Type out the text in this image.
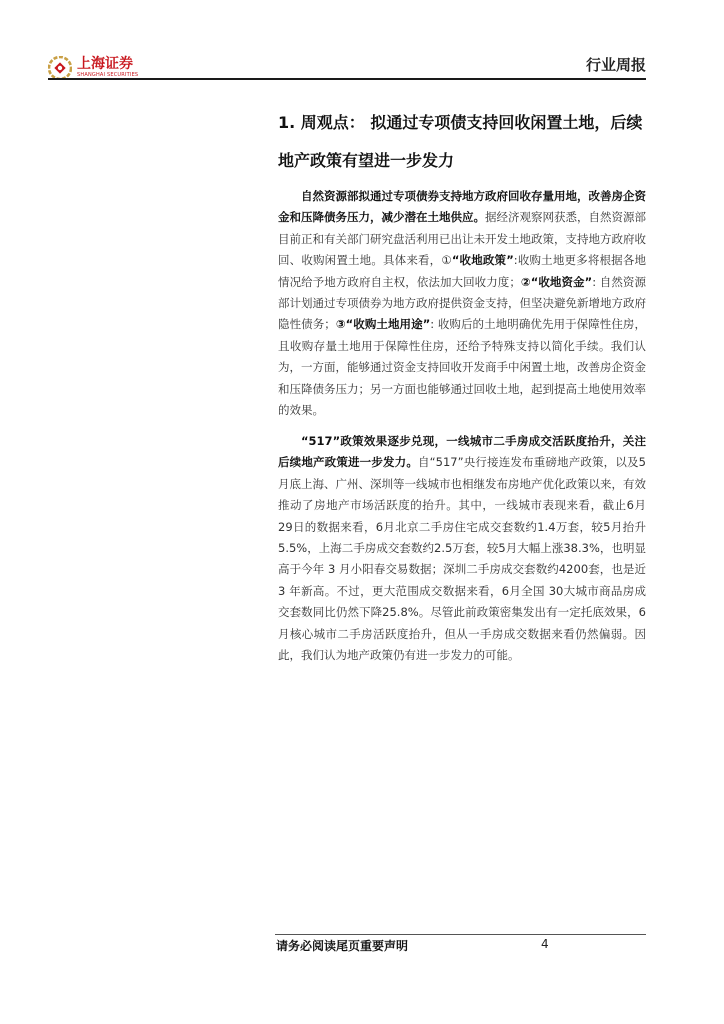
上海证券
SHANGHAI SECURITIES
行业周报
1. 周观点： 拟通过专项债支持回收闲置土地，后续地产政策有望进一步发力

自然资源部拟通过专项债券支持地方政府回收存量用地，改善房企资金和压降债务压力，减少潜在土地供应。据经济观察网获悉，自然资源部目前正和有关部门研究盘活利用已出让未开发土地政策，支持地方政府收回、收购闲置土地。具体来看，①“收地政策”:收购土地更多将根据各地情况给予地方政府自主权，依法加大回收力度；②“收地资金”: 自然资源部计划通过专项债券为地方政府提供资金支持，但坚决避免新增地方政府隐性债务；③“收购土地用途”: 收购后的土地明确优先用于保障性住房，且收购存量土地用于保障性住房，还给予特殊支持以简化手续。我们认为，一方面，能够通过资金支持回收开发商手中闲置土地，改善房企资金和压降债务压力；另一方面也能够通过回收土地，起到提高土地使用效率的效果。

“517”政策效果逐步兑现，一线城市二手房成交活跃度抬升，关注后续地产政策进一步发力。自“517”央行接连发布重磅地产政策，以及5月底上海、广州、深圳等一线城市也相继发布房地产优化政策以来，有效推动了房地产市场活跃度的抬升。其中，一线城市表现来看，截止6月 29日的数据来看，6月北京二手房住宅成交套数约1.4万套，较5月抬升5.5%，上海二手房成交套数约2.5万套，较5月大幅上涨38.3%，也明显高于今年 3 月小阳春交易数据；深圳二手房成交套数约4200套，也是近 3 年新高。不过，更大范围成交数据来看，6月全国 30大城市商品房成交套数同比仍然下降25.8%。尽管此前政策密集发出有一定托底效果，6月核心城市二手房活跃度抬升，但从一手房成交数据来看仍然偏弱。因此，我们认为地产政策仍有进一步发力的可能。

请务必阅读尾页重要声明	4
